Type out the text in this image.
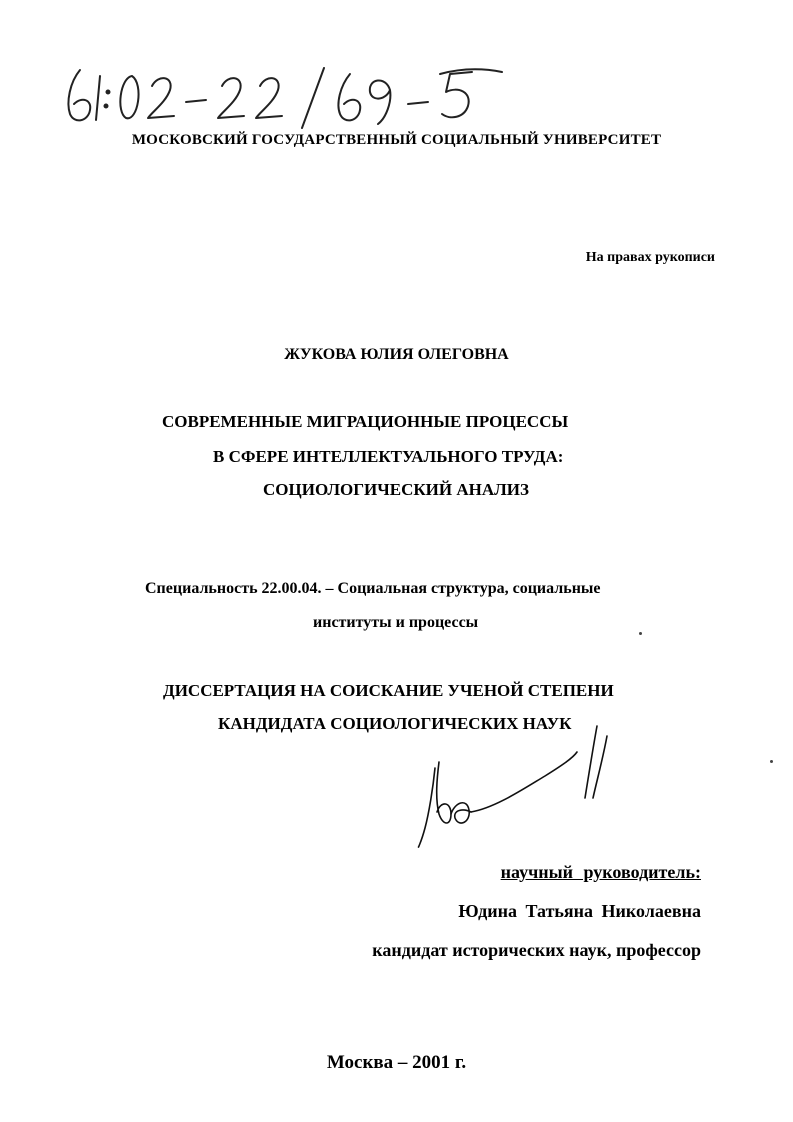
МОСКОВСКИЙ ГОСУДАРСТВЕННЫЙ СОЦИАЛЬНЫЙ УНИВЕРСИТЕТ
На правах рукописи
ЖУКОВА ЮЛИЯ ОЛЕГОВНА
СОВРЕМЕННЫЕ МИГРАЦИОННЫЕ ПРОЦЕССЫ
В СФЕРЕ ИНТЕЛЛЕКТУАЛЬНОГО ТРУДА:
СОЦИОЛОГИЧЕСКИЙ АНАЛИЗ
Специальность 22.00.04. – Социальная структура, социальные
институты и процессы
ДИССЕРТАЦИЯ НА СОИСКАНИЕ УЧЕНОЙ СТЕПЕНИ
КАНДИДАТА СОЦИОЛОГИЧЕСКИХ НАУК
научный руководитель:
Юдина Татьяна Николаевна
кандидат исторических наук, профессор
Москва – 2001 г.
